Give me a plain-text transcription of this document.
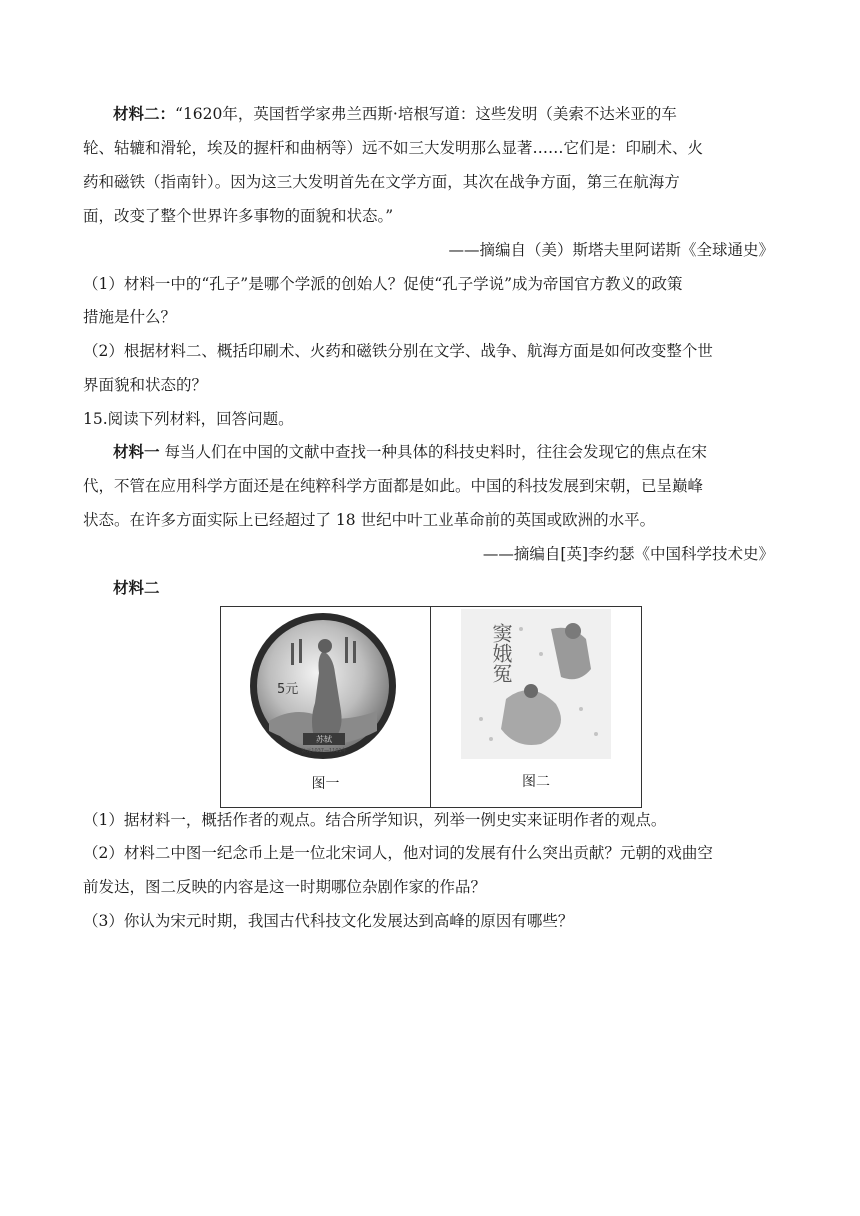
材料二：“1620年，英国哲学家弗兰西斯·培根写道：这些发明（美索不达米亚的车
轮、轱辘和滑轮，埃及的握杆和曲柄等）远不如三大发明那么显著……它们是：印刷术、火
药和磁铁（指南针）。因为这三大发明首先在文学方面，其次在战争方面，第三在航海方
面，改变了整个世界许多事物的面貌和状态。”
——摘编自（美）斯塔夫里阿诺斯《全球通史》
（1）材料一中的“孔子”是哪个学派的创始人？促使“孔子学说”成为帝国官方教义的政策
措施是什么？
（2）根据材料二、概括印刷术、火药和磁铁分别在文学、战争、航海方面是如何改变整个世
界面貌和状态的？
15.阅读下列材料，回答问题。
材料一 每当人们在中国的文献中查找一种具体的科技史料时，往往会发现它的焦点在宋
代，不管在应用科学方面还是在纯粹科学方面都是如此。中国的科技发展到宋朝，已呈巅峰
状态。在许多方面实际上已经超过了 18 世纪中叶工业革命前的英国或欧洲的水平。
——摘编自[英]李约瑟《中国科学技术史》
材料二
苏轼
公元1037—1101年
5元
图一
窦娥冤
图二
（1）据材料一，概括作者的观点。结合所学知识，列举一例史实来证明作者的观点。
（2）材料二中图一纪念币上是一位北宋词人，他对词的发展有什么突出贡献？元朝的戏曲空
前发达，图二反映的内容是这一时期哪位杂剧作家的作品？
（3）你认为宋元时期，我国古代科技文化发展达到高峰的原因有哪些？
